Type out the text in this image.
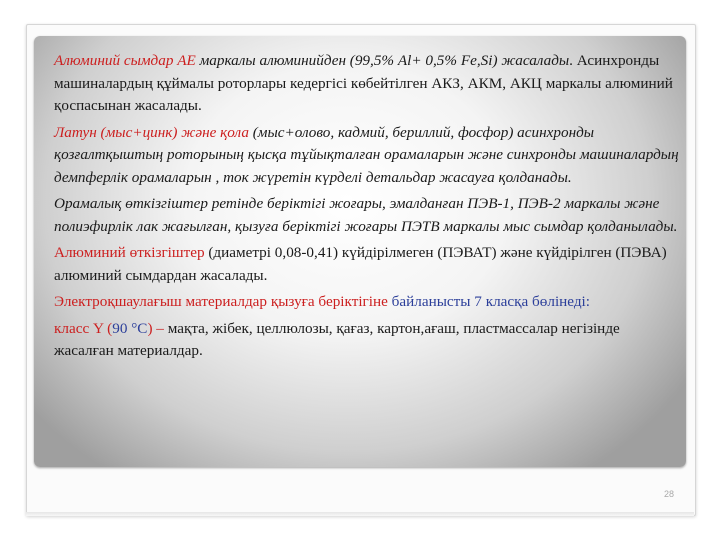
Алюминий сымдар АЕ маркалы алюминийден (99,5% Al+ 0,5% Fe,Si) жасалады. Асинхронды машиналардың құймалы роторлары кедергісі көбейтілген АКЗ, АКМ, АКЦ маркалы алюминий қоспасынан жасалады.

Латун (мыс+цинк) және қола (мыс+олово, кадмий, бериллий, фосфор) асинхронды қозғалтқыштың роторының қысқа тұйықталған орамаларын және синхронды машиналардың демпферлік орамаларын , ток жүретін күрделі детальдар жасауға қолданады.

Орамалық өткізгіштер ретінде беріктігі жоғары, эмалданған ПЭВ-1, ПЭВ-2 маркалы және полиэфирлік лак жағылған, қызуға беріктігі жоғары ПЭТВ маркалы мыс сымдар қолданылады.

Алюминий өткізгіштер (диаметрі 0,08-0,41) күйдірілмеген (ПЭВАТ) және күйдірілген (ПЭВА) алюминий сымдардан жасалады.

Электроқшаулағыш материалдар қызуға беріктігіне байланысты 7 класқа бөлінеді:

класс Y (90 °С) – мақта, жібек, целлюлозы, қағаз, картон,ағаш, пластмассалар негізінде жасалған материалдар.

28
